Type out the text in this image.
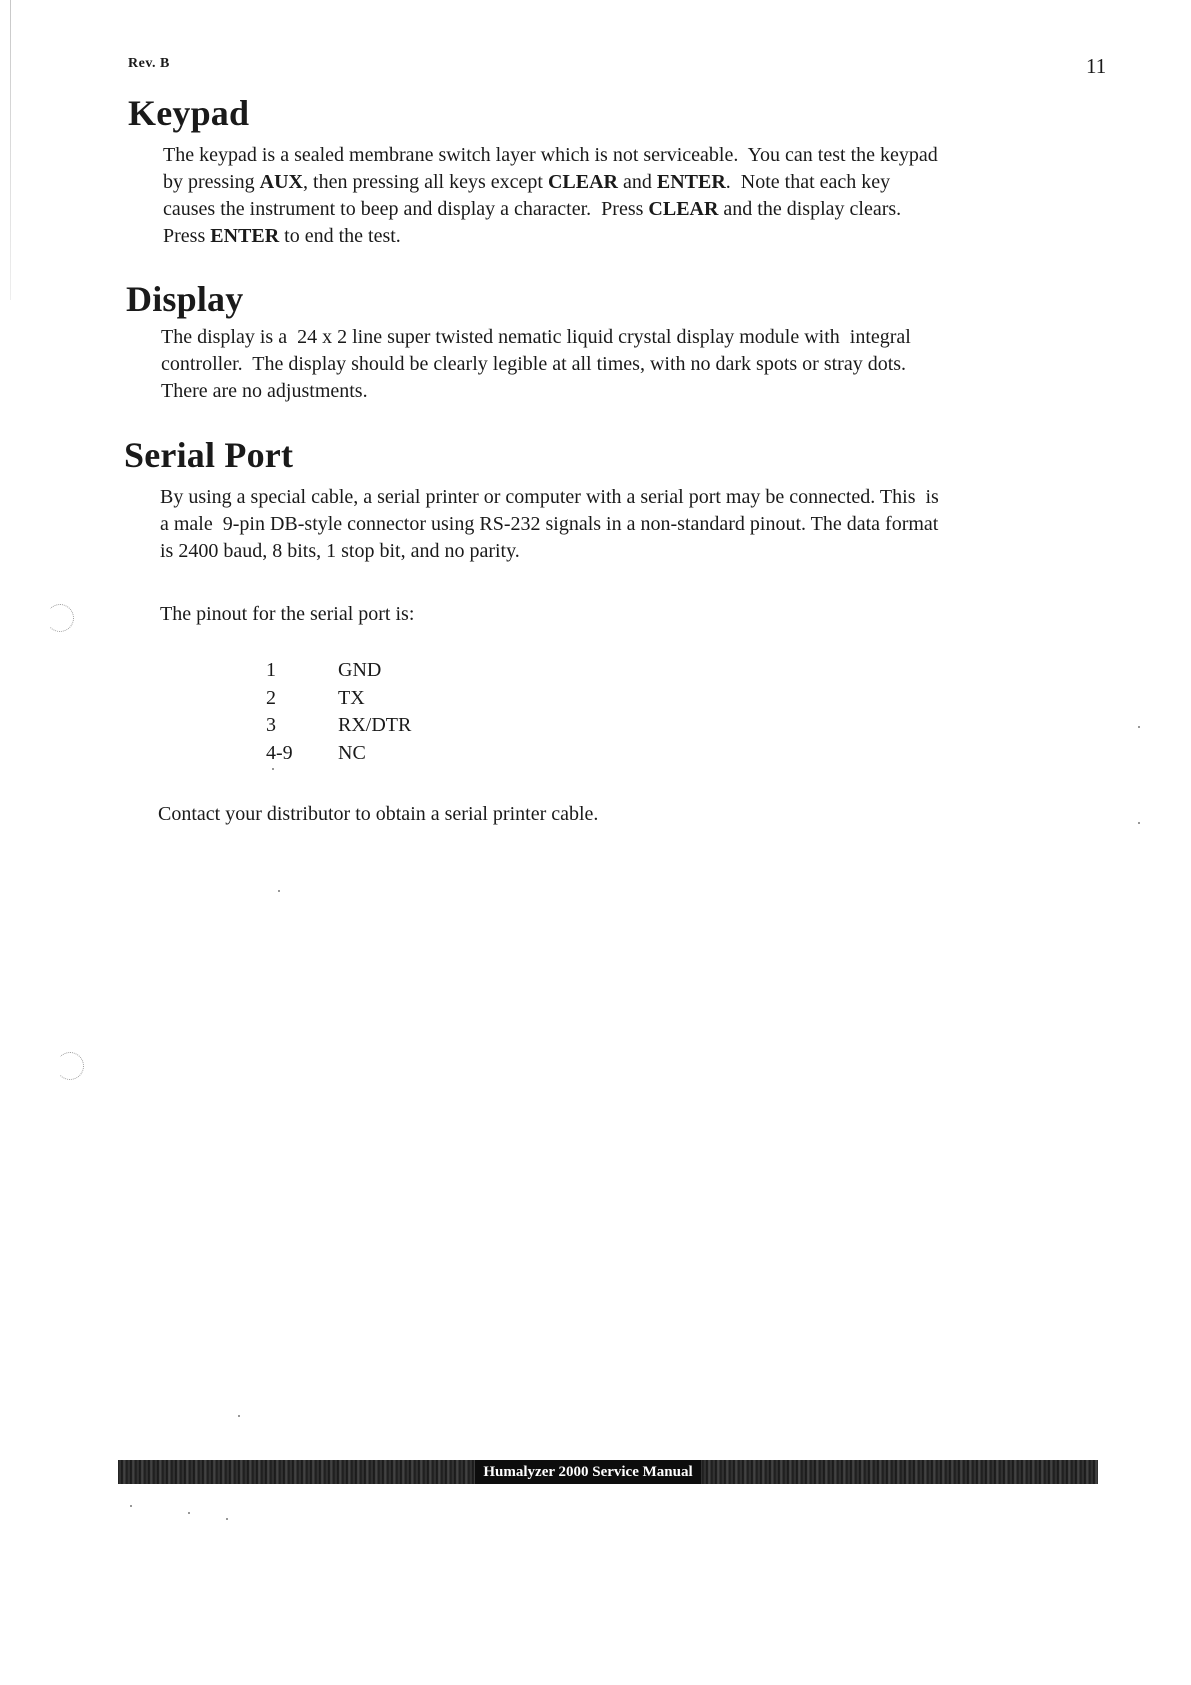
Rev. B	11
Keypad
The keypad is a sealed membrane switch layer which is not serviceable.  You can test the keypad
by pressing AUX, then pressing all keys except CLEAR and ENTER.  Note that each key
causes the instrument to beep and display a character.  Press CLEAR and the display clears.
Press ENTER to end the test.
Display
The display is a  24 x 2 line super twisted nematic liquid crystal display module with  integral
controller.  The display should be clearly legible at all times, with no dark spots or stray dots.
There are no adjustments.
Serial Port
By using a special cable, a serial printer or computer with a serial port may be connected. This  is
a male  9-pin DB-style connector using RS-232 signals in a non-standard pinout. The data format
is 2400 baud, 8 bits, 1 stop bit, and no parity.

The pinout for the serial port is:

1	GND
2	TX
3	RX/DTR
4-9	NC

Contact your distributor to obtain a serial printer cable.

Humalyzer 2000 Service Manual
